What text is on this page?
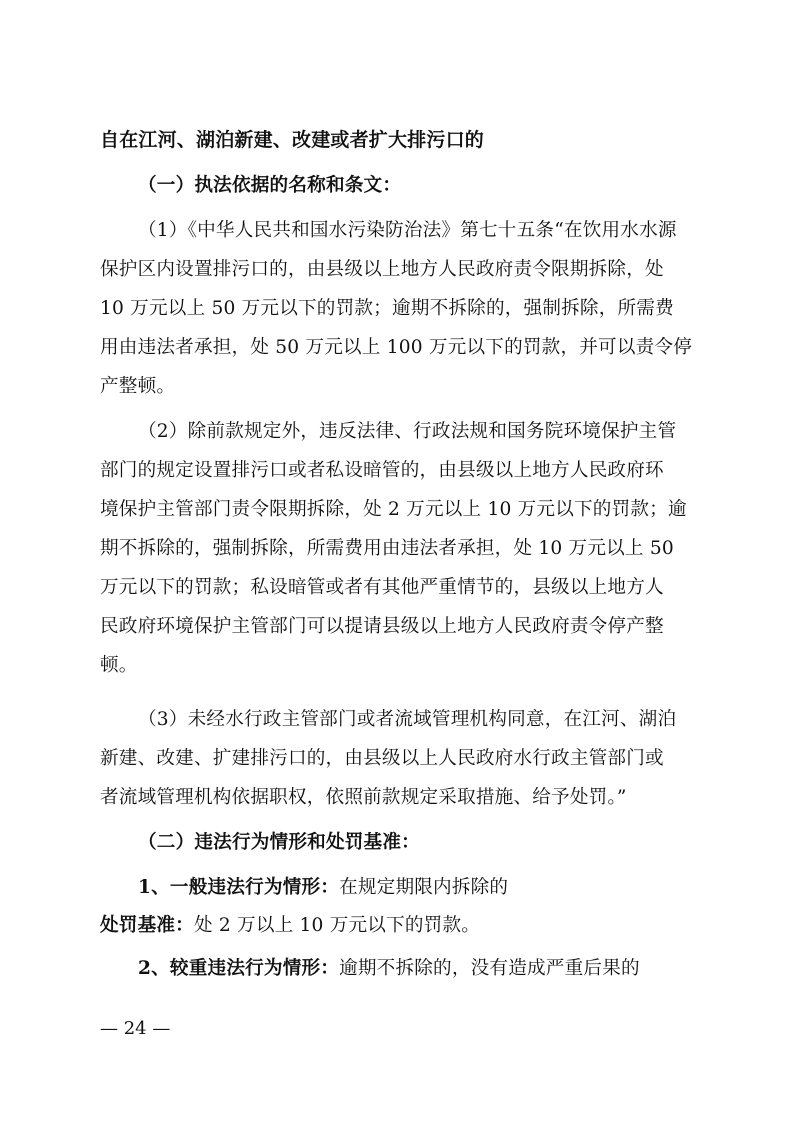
自在江河、湖泊新建、改建或者扩大排污口的

（一）执法依据的名称和条文：

（1）《中华人民共和国水污染防治法》第七十五条“在饮用水水源

保护区内设置排污口的，由县级以上地方人民政府责令限期拆除，处

10 万元以上 50 万元以下的罚款；逾期不拆除的，强制拆除，所需费

用由违法者承担，处 50 万元以上 100 万元以下的罚款，并可以责令停

产整顿。

（2）除前款规定外，违反法律、行政法规和国务院环境保护主管

部门的规定设置排污口或者私设暗管的，由县级以上地方人民政府环

境保护主管部门责令限期拆除，处 2 万元以上 10 万元以下的罚款；逾

期不拆除的，强制拆除，所需费用由违法者承担，处 10 万元以上 50

万元以下的罚款；私设暗管或者有其他严重情节的，县级以上地方人

民政府环境保护主管部门可以提请县级以上地方人民政府责令停产整

顿。

（3）未经水行政主管部门或者流域管理机构同意，在江河、湖泊

新建、改建、扩建排污口的，由县级以上人民政府水行政主管部门或

者流域管理机构依据职权，依照前款规定采取措施、给予处罚。”

（二）违法行为情形和处罚基准：

1、一般违法行为情形：在规定期限内拆除的

处罚基准：处 2 万以上 10 万元以下的罚款。

2、较重违法行为情形：逾期不拆除的，没有造成严重后果的

— 24 —
